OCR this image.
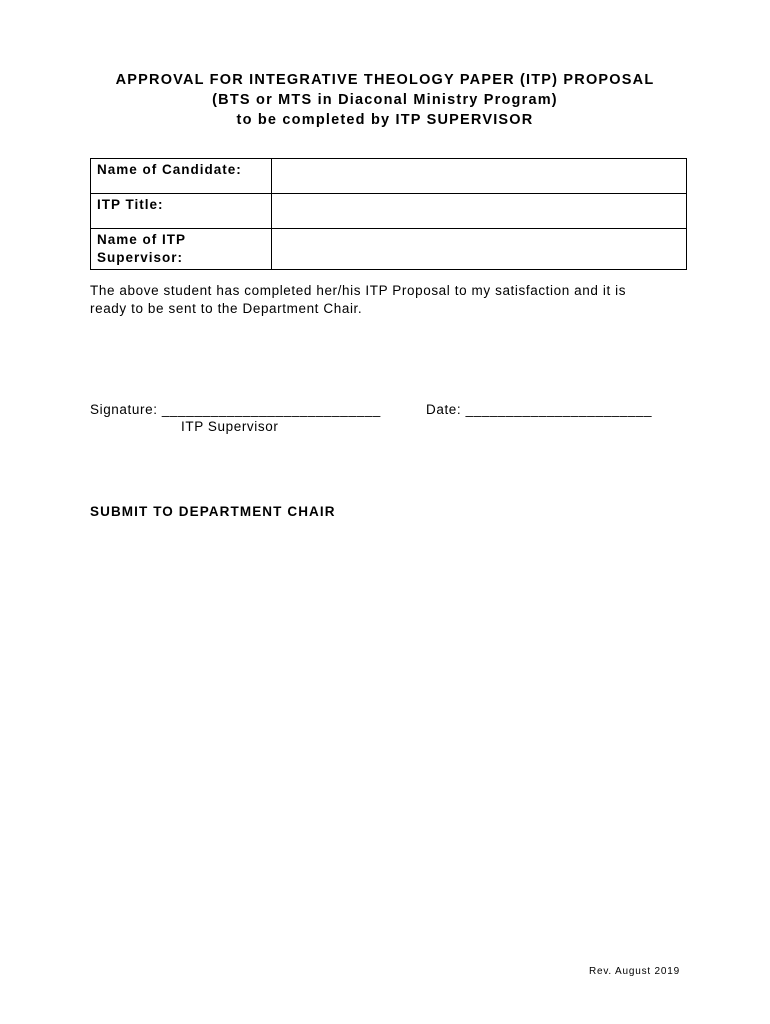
APPROVAL FOR INTEGRATIVE THEOLOGY PAPER (ITP) PROPOSAL
(BTS or MTS in Diaconal Ministry Program)
to be completed by ITP SUPERVISOR
Name of Candidate:	

ITP Title:	

Name of ITP
Supervisor:	

The above student has completed her/his ITP Proposal to my satisfaction and it is
ready to be sent to the Department Chair.
Signature: ___________________________	Date: _______________________
ITP Supervisor
SUBMIT TO DEPARTMENT CHAIR
Rev. August 2019
